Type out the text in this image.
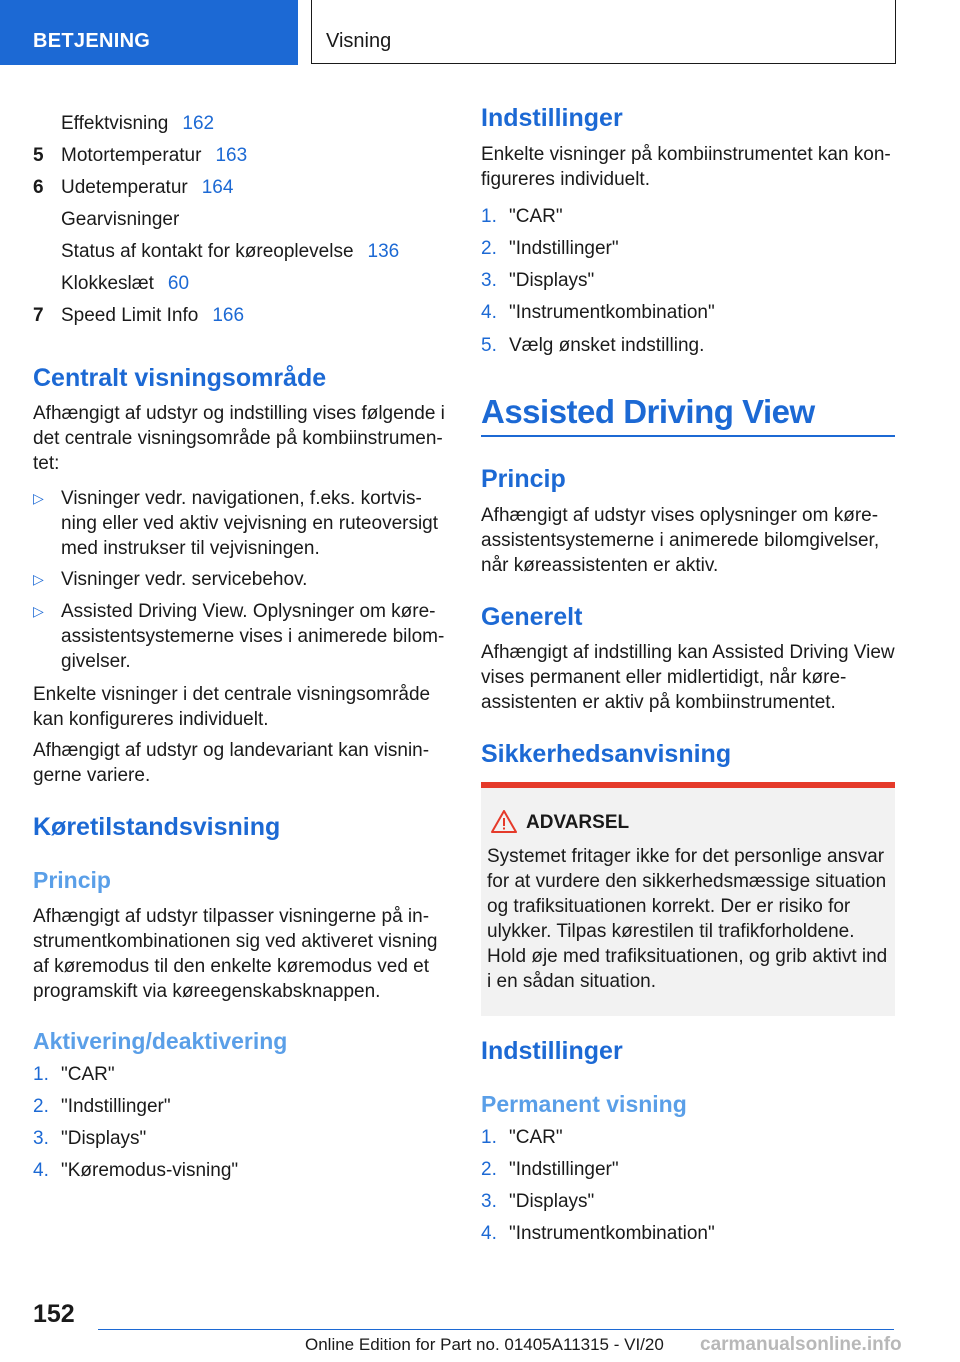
BETJENING	Visning
Effektvisning 162
5 Motortemperatur 163
6 Udetemperatur 164
Gearvisninger
Status af kontakt for køreoplevelse 136
Klokkeslæt 60
7 Speed Limit Info 166
Centralt visningsområde
Afhængigt af udstyr og indstilling vises følgende i det centrale visningsområde på kombiinstrumen- tet:
▷ Visninger vedr. navigationen, f.eks. kortvis- ning eller ved aktiv vejvisning en ruteoversigt med instrukser til vejvisningen.
▷ Visninger vedr. servicebehov.
▷ Assisted Driving View. Oplysninger om køre- assistentsystemerne vises i animerede bilom- givelser.
Enkelte visninger i det centrale visningsområde kan konfigureres individuelt.
Afhængigt af udstyr og landevariant kan visnin- gerne variere.
Køretilstandsvisning
Princip
Afhængigt af udstyr tilpasser visningerne på in- strumentkombinationen sig ved aktiveret visning af køremodus til den enkelte køremodus ved et programskift via køreegenskabsknappen.
Aktivering/deaktivering
1. "CAR"
2. "Indstillinger"
3. "Displays"
4. "Køremodus-visning"
Indstillinger
Enkelte visninger på kombiinstrumentet kan kon- figureres individuelt.
1. "CAR"
2. "Indstillinger"
3. "Displays"
4. "Instrumentkombination"
5. Vælg ønsket indstilling.
Princip
Afhængigt af udstyr vises oplysninger om køre- assistentsystemerne i animerede bilomgivelser, når køreassistenten er aktiv.
Generelt
Afhængigt af indstilling kan Assisted Driving View vises permanent eller midlertidigt, når køre- assistenten er aktiv på kombiinstrumentet.
Sikkerhedsanvisning
Indstillinger
Permanent visning
1. "CAR"
2. "Indstillinger"
3. "Displays"
4. "Instrumentkombination"
Assisted Driving View
ADVARSEL
Systemet fritager ikke for det personlige ansvar for at vurdere den sikkerhedsmæssige situation og trafiksituationen korrekt. Der er risiko for ulykker. Tilpas kørestilen til trafikforholdene. Hold øje med trafiksituationen, og grib aktivt ind i en sådan situation.
152
Online Edition for Part no. 01405A11315 - VI/20 carmanualsonline.info
